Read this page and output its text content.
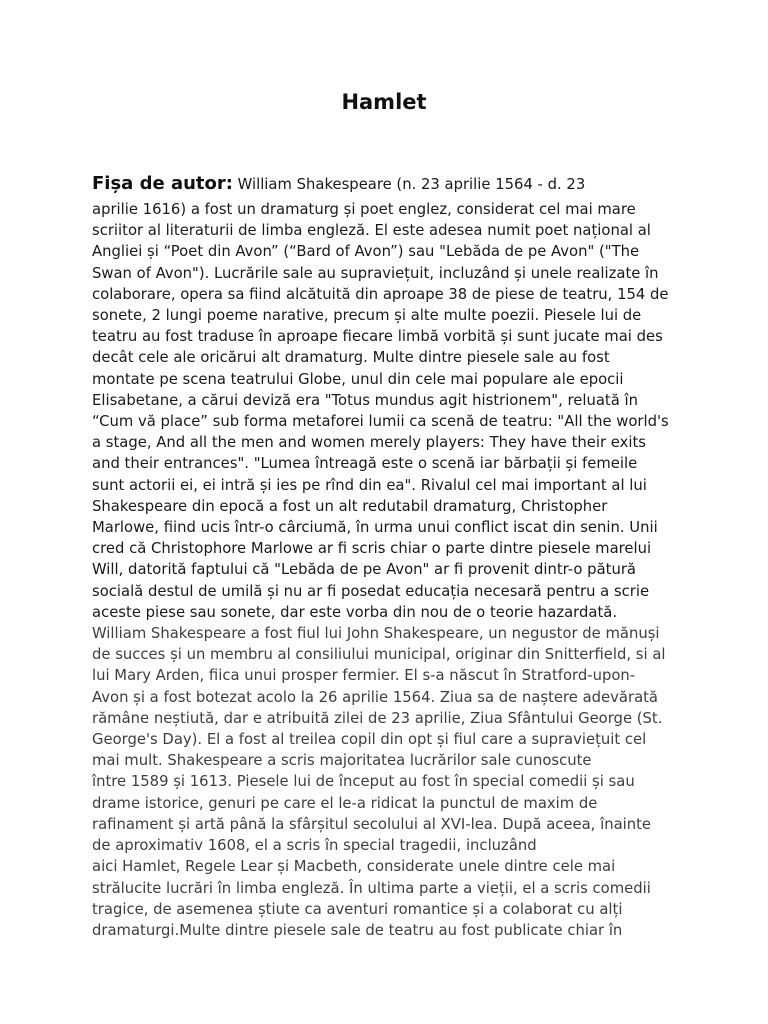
Hamlet
Fișa de autor: William Shakespeare (n. 23 aprilie 1564 - d. 23
aprilie 1616) a fost un dramaturg și poet englez, considerat cel mai mare
scriitor al literaturii de limba engleză. El este adesea numit poet național al
Angliei și “Poet din Avon” (“Bard of Avon”) sau "Lebăda de pe Avon" ("The
Swan of Avon"). Lucrările sale au supraviețuit, incluzând și unele realizate în
colaborare, opera sa fiind alcătuită din aproape 38 de piese de teatru, 154 de
sonete, 2 lungi poeme narative, precum și alte multe poezii. Piesele lui de
teatru au fost traduse în aproape fiecare limbă vorbită și sunt jucate mai des
decât cele ale oricărui alt dramaturg. Multe dintre piesele sale au fost
montate pe scena teatrului Globe, unul din cele mai populare ale epocii
Elisabetane, a cărui deviză era "Totus mundus agit histrionem", reluată în
“Cum vă place” sub forma metaforei lumii ca scenă de teatru: "All the world's
a stage, And all the men and women merely players: They have their exits
and their entrances". "Lumea întreagă este o scenă iar bărbații și femeile
sunt actorii ei, ei intră și ies pe rînd din ea". Rivalul cel mai important al lui
Shakespeare din epocă a fost un alt redutabil dramaturg, Christopher
Marlowe, fiind ucis într-o cârciumă, în urma unui conflict iscat din senin. Unii
cred că Christophore Marlowe ar fi scris chiar o parte dintre piesele marelui
Will, datorită faptului că "Lebăda de pe Avon" ar fi provenit dintr-o pătură
socială destul de umilă și nu ar fi posedat educația necesară pentru a scrie
aceste piese sau sonete, dar este vorba din nou de o teorie hazardată.
William Shakespeare a fost fiul lui John Shakespeare, un negustor de mănuși
de succes și un membru al consiliului municipal, originar din Snitterfield, si al
lui Mary Arden, fiica unui prosper fermier. El s-a născut în Stratford-upon-
Avon și a fost botezat acolo la 26 aprilie 1564. Ziua sa de naștere adevărată
rămâne neștiută, dar e atribuită zilei de 23 aprilie, Ziua Sfântului George (St.
George's Day). El a fost al treilea copil din opt și fiul care a supraviețuit cel
mai mult. Shakespeare a scris majoritatea lucrărilor sale cunoscute
între 1589 și 1613. Piesele lui de început au fost în special comedii și sau
drame istorice, genuri pe care el le-a ridicat la punctul de maxim de
rafinament și artă până la sfârșitul secolului al XVI-lea. După aceea, înainte
de aproximativ 1608, el a scris în special tragedii, incluzând
aici Hamlet, Regele Lear și Macbeth, considerate unele dintre cele mai
strălucite lucrări în limba engleză. În ultima parte a vieții, el a scris comedii
tragice, de asemenea știute ca aventuri romantice și a colaborat cu alți
dramaturgi.Multe dintre piesele sale de teatru au fost publicate chiar în
